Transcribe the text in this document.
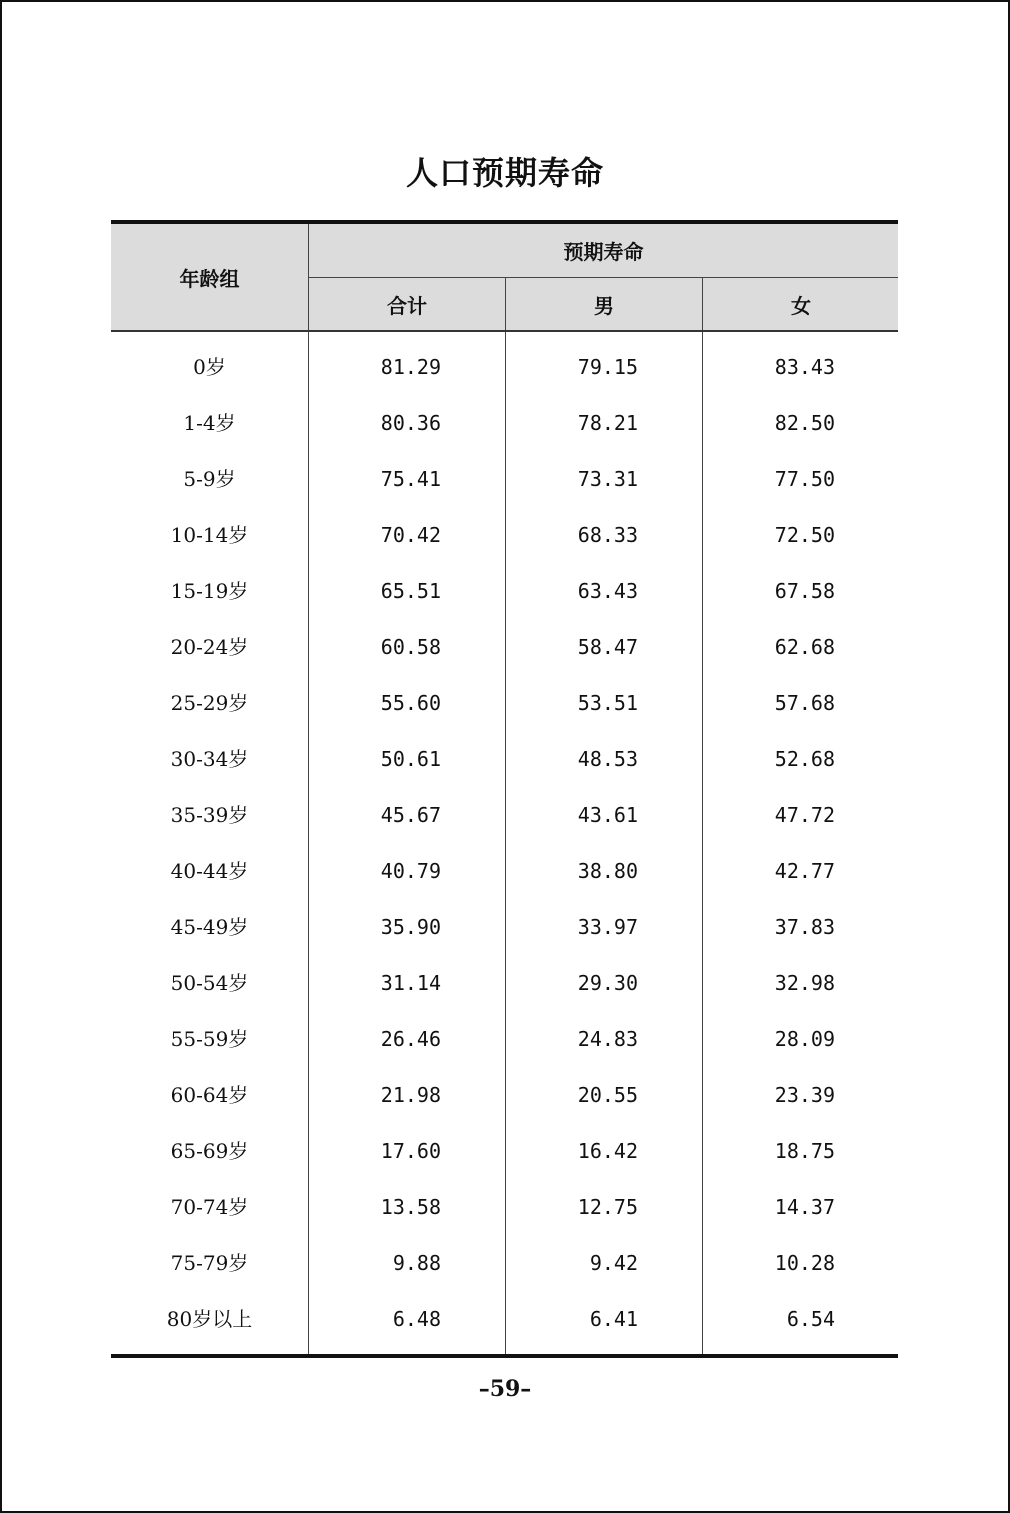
人口预期寿命
年龄组
预期寿命
合计	男	女
0岁	81.29	79.15	83.43
1-4岁	80.36	78.21	82.50
5-9岁	75.41	73.31	77.50
10-14岁	70.42	68.33	72.50
15-19岁	65.51	63.43	67.58
20-24岁	60.58	58.47	62.68
25-29岁	55.60	53.51	57.68
30-34岁	50.61	48.53	52.68
35-39岁	45.67	43.61	47.72
40-44岁	40.79	38.80	42.77
45-49岁	35.90	33.97	37.83
50-54岁	31.14	29.30	32.98
55-59岁	26.46	24.83	28.09
60-64岁	21.98	20.55	23.39
65-69岁	17.60	16.42	18.75
70-74岁	13.58	12.75	14.37
75-79岁	9.88	9.42	10.28
80岁以上	6.48	6.41	6.54
–59–
